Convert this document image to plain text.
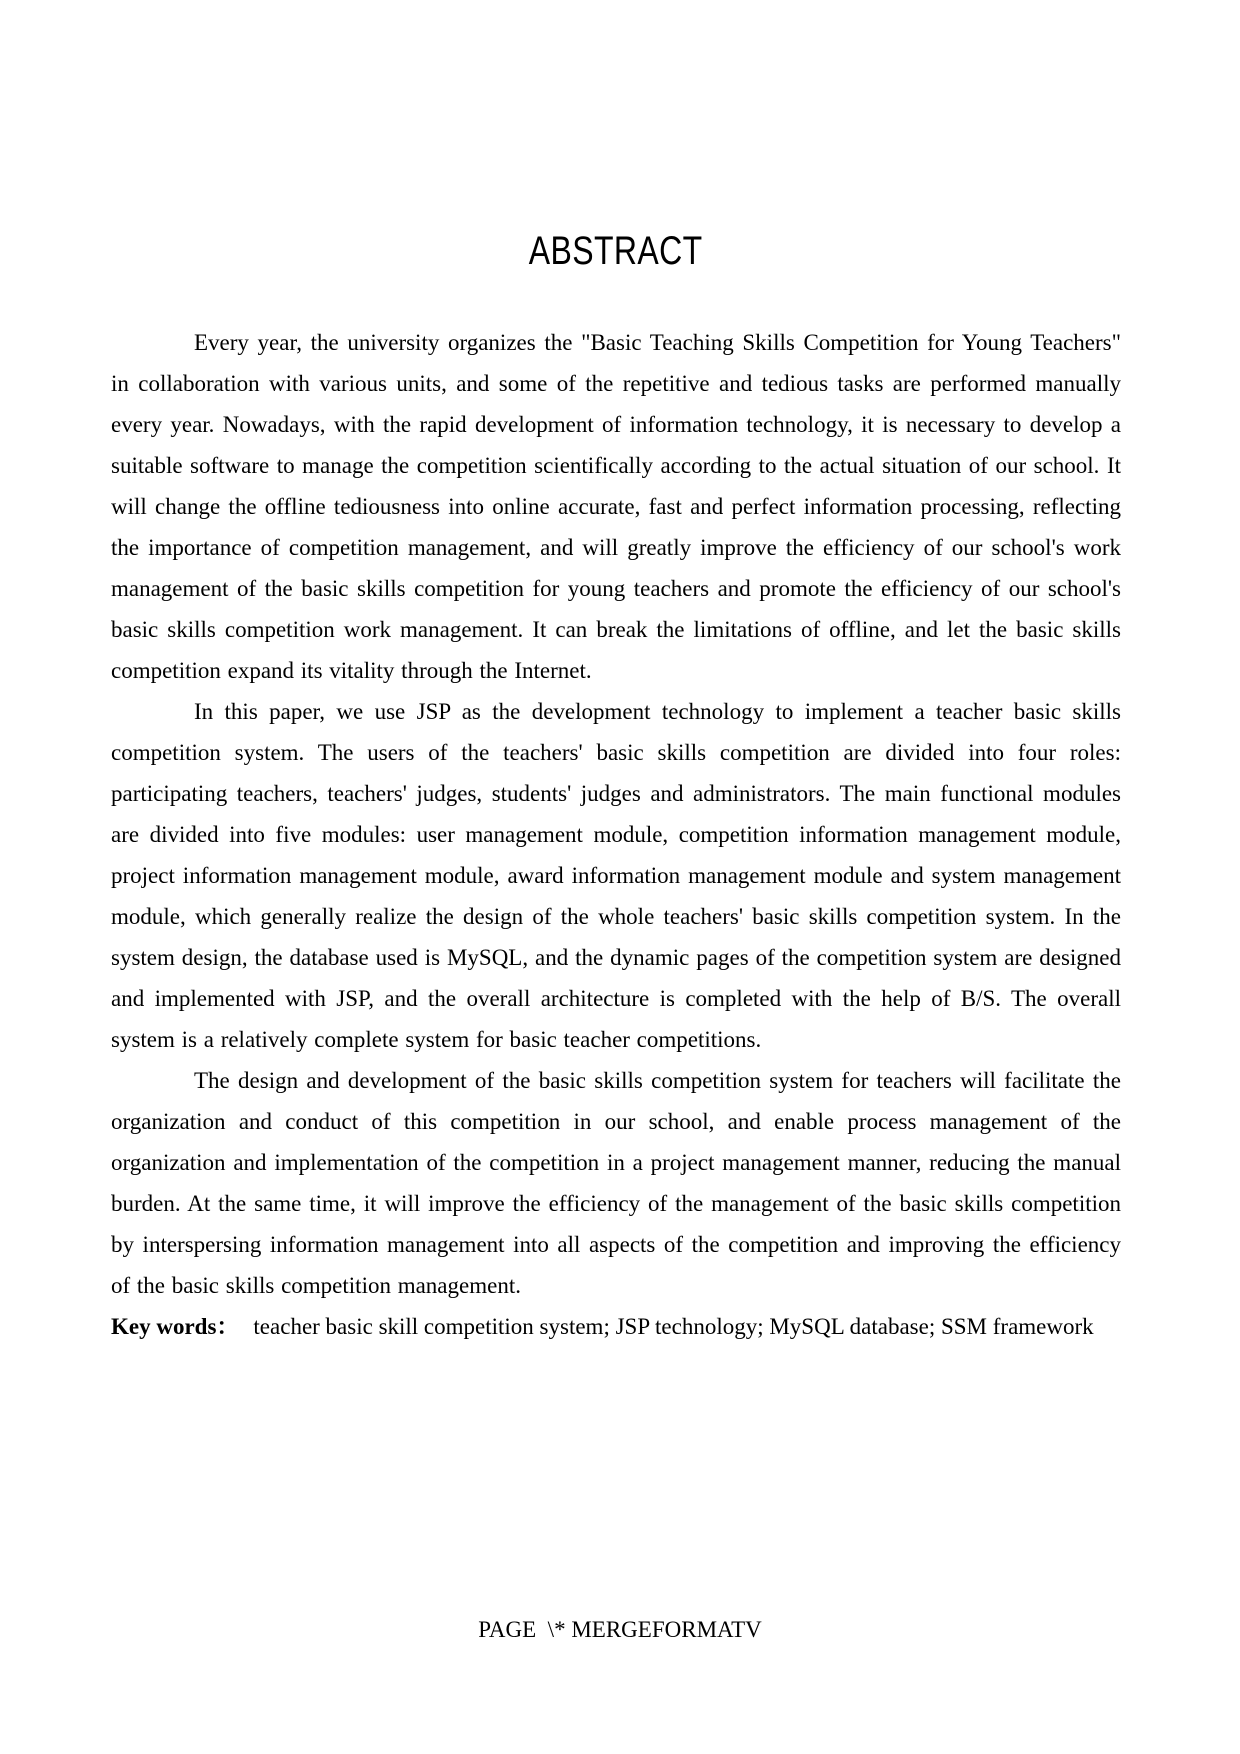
ABSTRACT

Every year, the university organizes the "Basic Teaching Skills Competition for Young Teachers" in collaboration with various units, and some of the repetitive and tedious tasks are performed manually every year. Nowadays, with the rapid development of information technology, it is necessary to develop a suitable software to manage the competition scientifically according to the actual situation of our school. It will change the offline tediousness into online accurate, fast and perfect information processing, reflecting the importance of competition management, and will greatly improve the efficiency of our school's work management of the basic skills competition for young teachers and promote the efficiency of our school's basic skills competition work management. It can break the limitations of offline, and let the basic skills competition expand its vitality through the Internet.

In this paper, we use JSP as the development technology to implement a teacher basic skills competition system. The users of the teachers' basic skills competition are divided into four roles: participating teachers, teachers' judges, students' judges and administrators. The main functional modules are divided into five modules: user management module, competition information management module, project information management module, award information management module and system management module, which generally realize the design of the whole teachers' basic skills competition system. In the system design, the database used is MySQL, and the dynamic pages of the competition system are designed and implemented with JSP, and the overall architecture is completed with the help of B/S. The overall system is a relatively complete system for basic teacher competitions.

The design and development of the basic skills competition system for teachers will facilitate the organization and conduct of this competition in our school, and enable process management of the organization and implementation of the competition in a project management manner, reducing the manual burden. At the same time, it will improve the efficiency of the management of the basic skills competition by interspersing information management into all aspects of the competition and improving the efficiency of the basic skills competition management.

Key words： teacher basic skill competition system; JSP technology; MySQL database; SSM framework

PAGE  \* MERGEFORMATV
